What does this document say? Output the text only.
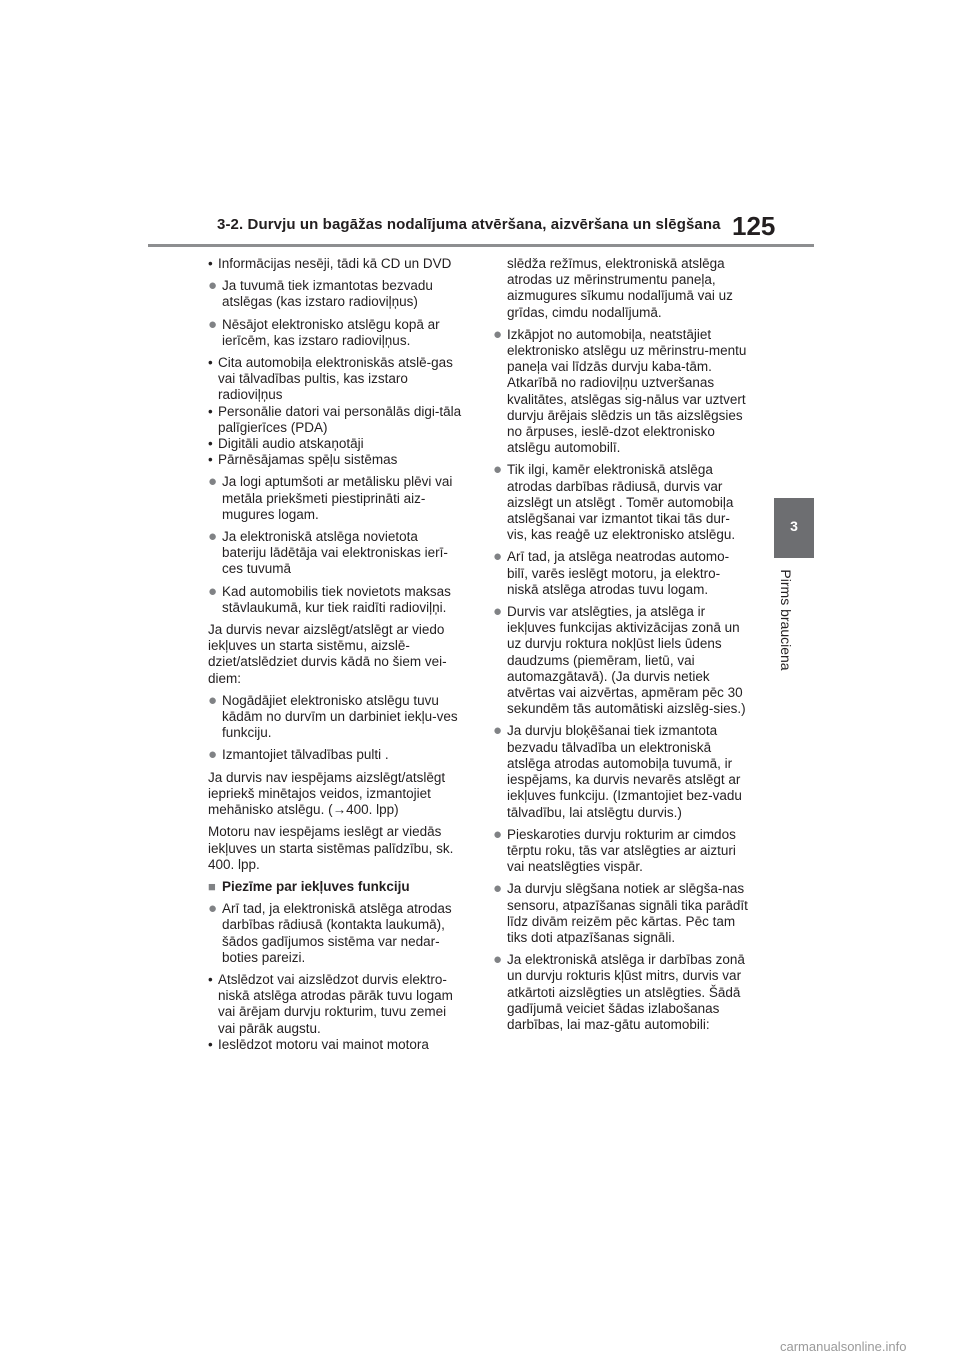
3-2. Durvju un bagāžas nodalījuma atvēršana, aizvēršana un slēgšana 125
3
Pirms brauciena
• Informācijas nesēji, tādi kā CD un DVD
● Ja tuvumā tiek izmantotas bezvadu atslēgas (kas izstaro radioviļņus)
● Nēsājot elektronisko atslēgu kopā ar ierīcēm, kas izstaro radioviļņus.
• Cita automobiļa elektroniskās atslē-gas vai tālvadības pultis, kas izstaro radioviļņus
• Personālie datori vai personālās digi-tāla palīgierīces (PDA)
• Digitāli audio atskaņotāji
• Pārnēsājamas spēļu sistēmas
● Ja logi aptumšoti ar metālisku plēvi vai metāla priekšmeti piestiprināti aiz-mugures logam.
● Ja elektroniskā atslēga novietota bateriju lādētāja vai elektroniskas ierī-ces tuvumā
● Kad automobilis tiek novietots maksas stāvlaukumā, kur tiek raidīti radioviļņi.
Ja durvis nevar aizslēgt/atslēgt ar viedo iekļuves un starta sistēmu, aizslē-dziet/atslēdziet durvis kādā no šiem vei-diem:
● Nogādājiet elektronisko atslēgu tuvu kādām no durvīm un darbiniet iekļu-ves funkciju.
● Izmantojiet tālvadības pulti .
Ja durvis nav iespējams aizslēgt/atslēgt iepriekš minētajos veidos, izmantojiet mehānisko atslēgu. (→400. lpp)
Motoru nav iespējams ieslēgt ar viedās iekļuves un starta sistēmas palīdzību, sk. 400. lpp.
■ Piezīme par iekļuves funkciju
● Arī tad, ja elektroniskā atslēga atrodas darbības rādiusā (kontakta laukumā), šādos gadījumos sistēma var nedar-boties pareizi.
• Atslēdzot vai aizslēdzot durvis elektro-niskā atslēga atrodas pārāk tuvu logam vai ārējam durvju rokturim, tuvu zemei vai pārāk augstu.
• Ieslēdzot motoru vai mainot motora
slēdža režīmus, elektroniskā atslēga atrodas uz mērinstrumentu paneļa, aizmugures sīkumu nodalījumā vai uz grīdas, cimdu nodalījumā.
● Izkāpjot no automobiļa, neatstājiet elektronisko atslēgu uz mērinstru-mentu paneļa vai līdzās durvju kaba-tām. Atkarībā no radioviļņu uztveršanas kvalitātes, atslēgas sig-nālus var uztvert durvju ārējais slēdzis un tās aizslēgsies no ārpuses, ieslē-dzot elektronisko atslēgu automobilī.
● Tik ilgi, kamēr elektroniskā atslēga atrodas darbības rādiusā, durvis var aizslēgt un atslēgt . Tomēr automobiļa atslēgšanai var izmantot tikai tās dur-vis, kas reaģē uz elektronisko atslēgu.
● Arī tad, ja atslēga neatrodas automo-bilī, varēs ieslēgt motoru, ja elektro-niskā atslēga atrodas tuvu logam.
● Durvis var atslēgties, ja atslēga ir iekļuves funkcijas aktivizācijas zonā un uz durvju roktura nokļūst liels ūdens daudzums (piemēram, lietū, vai automazgātavā). (Ja durvis netiek atvērtas vai aizvērtas, apmēram pēc 30 sekundēm tās automātiski aizslēg-sies.)
● Ja durvju bloķēšanai tiek izmantota bezvadu tālvadība un elektroniskā atslēga atrodas automobiļa tuvumā, ir iespējams, ka durvis nevarēs atslēgt ar iekļuves funkciju. (Izmantojiet bez-vadu tālvadību, lai atslēgtu durvis.)
● Pieskaroties durvju rokturim ar cimdos tērptu roku, tās var atslēgties ar aizturi vai neatslēgties vispār.
● Ja durvju slēgšana notiek ar slēgša-nas sensoru, atpazīšanas signāli tika parādīt līdz divām reizēm pēc kārtas. Pēc tam tiks doti atpazīšanas signāli.
● Ja elektroniskā atslēga ir darbības zonā un durvju rokturis kļūst mitrs, durvis var atkārtoti aizslēgties un atslēgties. Šādā gadījumā veiciet šādas izlabošanas darbības, lai maz-gātu automobili:
carmanualsonline.info
